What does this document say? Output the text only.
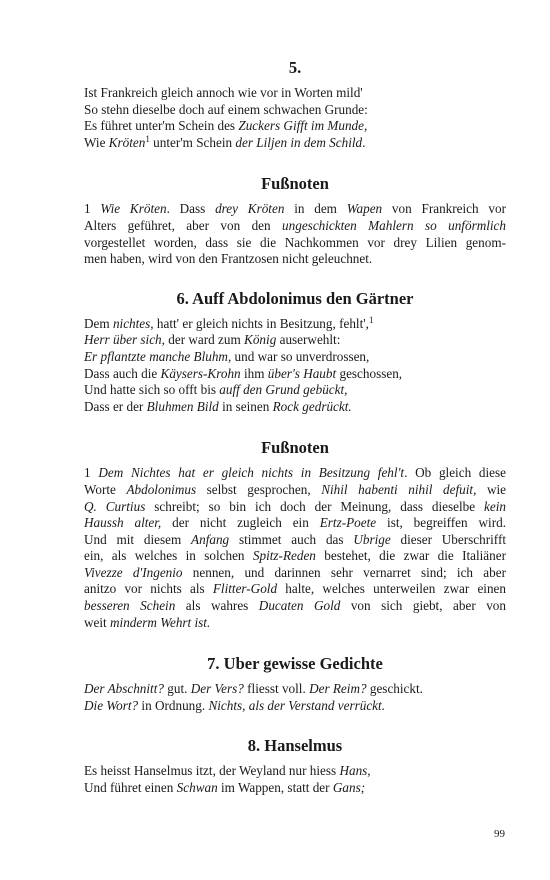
5.
Ist Frankreich gleich annoch wie vor in Worten mild'
So stehn dieselbe doch auf einem schwachen Grunde:
Es führet unter'm Schein des Zuckers Gifft im Munde,
Wie Kröten$^1$ unter'm Schein der Liljen in dem Schild.
Fußnoten
1 Wie Kröten. Dass drey Kröten in dem Wapen von Frankreich vor
Alters geführet, aber von den ungeschickten Mahlern so unförmlich
vorgestellet worden, dass sie die Nachkommen vor drey Lilien genom-
men haben, wird von den Frantzosen nicht geleuchnet.
6. Auff Abdolonimus den Gärtner
Dem nichtes, hatt' er gleich nichts in Besitzung, fehlt',$^1$
Herr über sich, der ward zum König auserwehlt:
Er pflantzte manche Bluhm, und war so unverdrossen,
Dass auch die Käysers-Krohn ihm über's Haubt geschossen,
Und hatte sich so offt bis auff den Grund gebückt,
Dass er der Bluhmen Bild in seinen Rock gedrückt.
Fußnoten
1 Dem Nichtes hat er gleich nichts in Besitzung fehl't. Ob gleich diese
Worte Abdolonimus selbst gesprochen, Nihil habenti nihil defuit, wie
Q. Curtius schreibt; so bin ich doch der Meinung, dass dieselbe kein
Haussh alter, der nicht zugleich ein Ertz-Poete ist, begreiffen wird.
Und mit diesem Anfang stimmet auch das Ubrige dieser Uberschrifft
ein, als welches in solchen Spitz-Reden bestehet, die zwar die Italiäner
Vivezze d'Ingenio nennen, und darinnen sehr vernarret sind; ich aber
anitzo vor nichts als Flitter-Gold halte, welches unterweilen zwar einen
besseren Schein als wahres Ducaten Gold von sich giebt, aber von
weit minderm Wehrt ist.
7. Uber gewisse Gedichte
Der Abschnitt? gut. Der Vers? fliesst voll. Der Reim? geschickt.
Die Wort? in Ordnung. Nichts, als der Verstand verrückt.
8. Hanselmus
Es heisst Hanselmus itzt, der Weyland nur hiess Hans,
Und führet einen Schwan im Wappen, statt der Gans;
99
